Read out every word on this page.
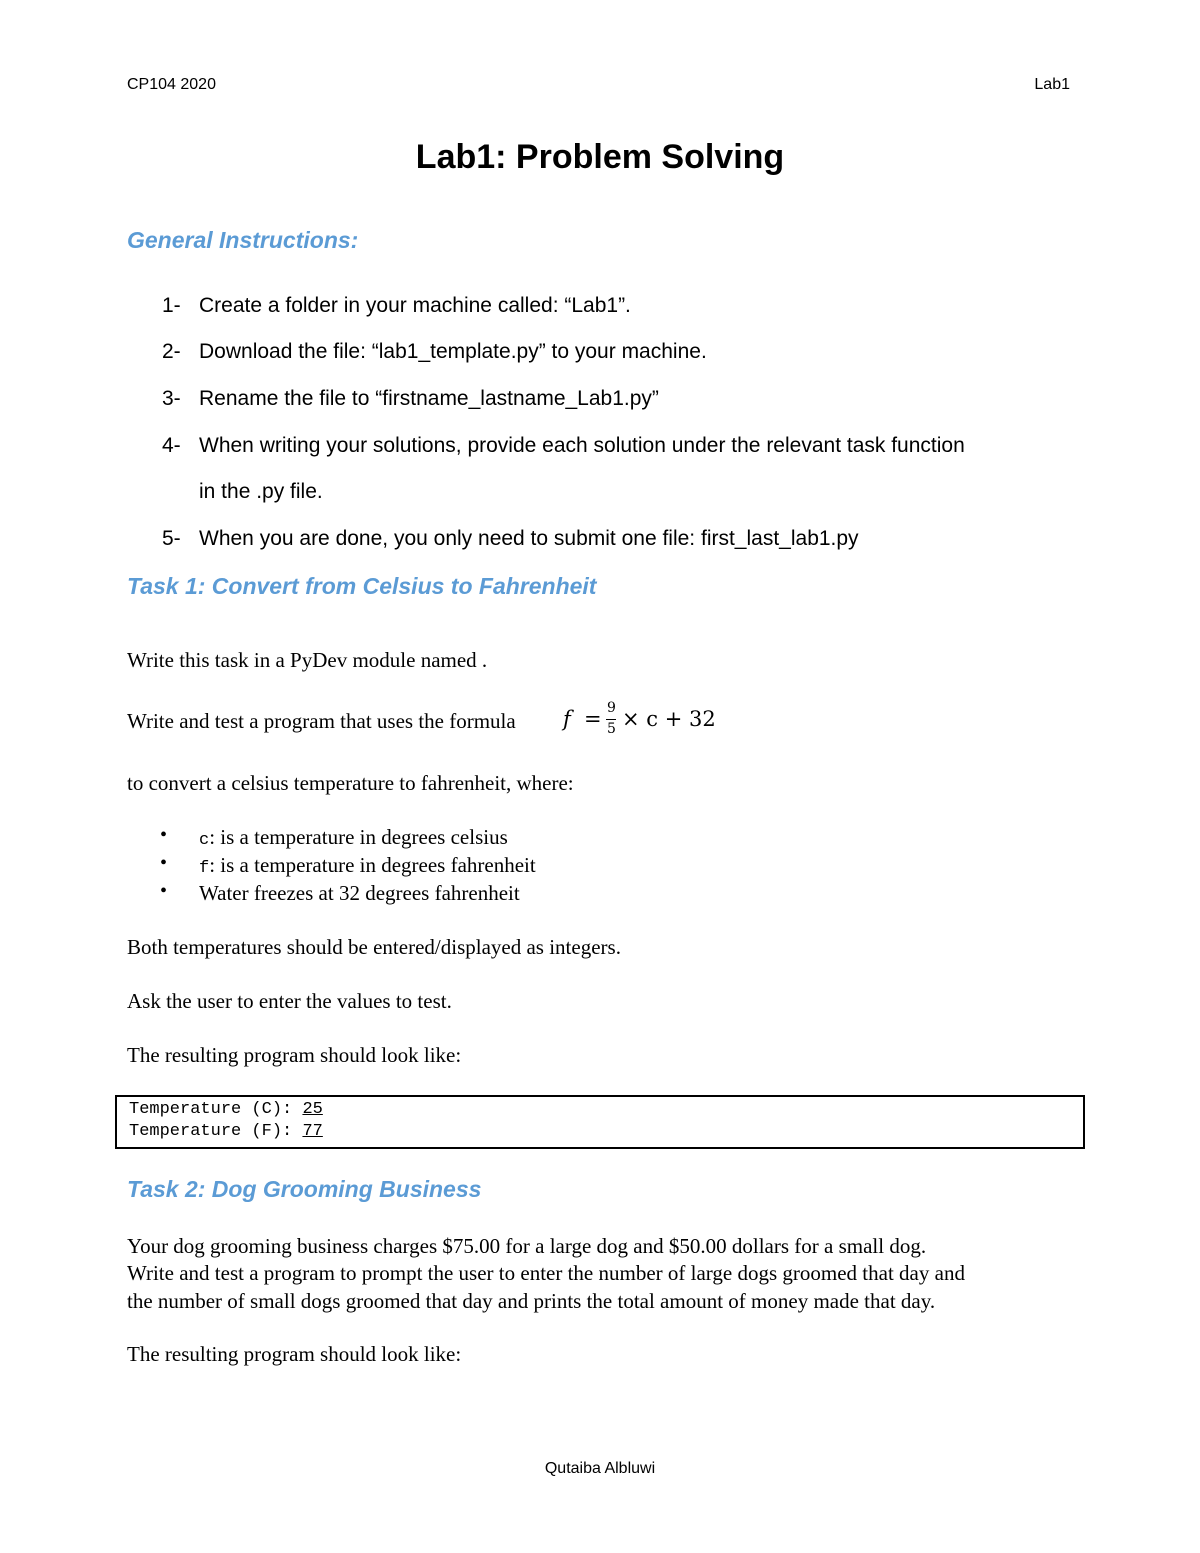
CP104 2020	Lab1
Lab1: Problem Solving
General Instructions:
1- Create a folder in your machine called: “Lab1”.
2- Download the file: “lab1_template.py” to your machine.
3- Rename the file to “firstname_lastname_Lab1.py”
4- When writing your solutions, provide each solution under the relevant task function
in the .py file.
5- When you are done, you only need to submit one file: first_last_lab1.py
Task 1: Convert from Celsius to Fahrenheit
Write this task in a PyDev module named .
Write and test a program that uses the formula f = 9
5 × c + 32
to convert a celsius temperature to fahrenheit, where:
• c: is a temperature in degrees celsius
• f: is a temperature in degrees fahrenheit
• Water freezes at 32 degrees fahrenheit
Both temperatures should be entered/displayed as integers.
Ask the user to enter the values to test.
The resulting program should look like:
Temperature (C): 25
Temperature (F): 77
Task 2: Dog Grooming Business
Your dog grooming business charges $75.00 for a large dog and $50.00 dollars for a small dog.
Write and test a program to prompt the user to enter the number of large dogs groomed that day and
the number of small dogs groomed that day and prints the total amount of money made that day.
The resulting program should look like:
Qutaiba Albluwi
